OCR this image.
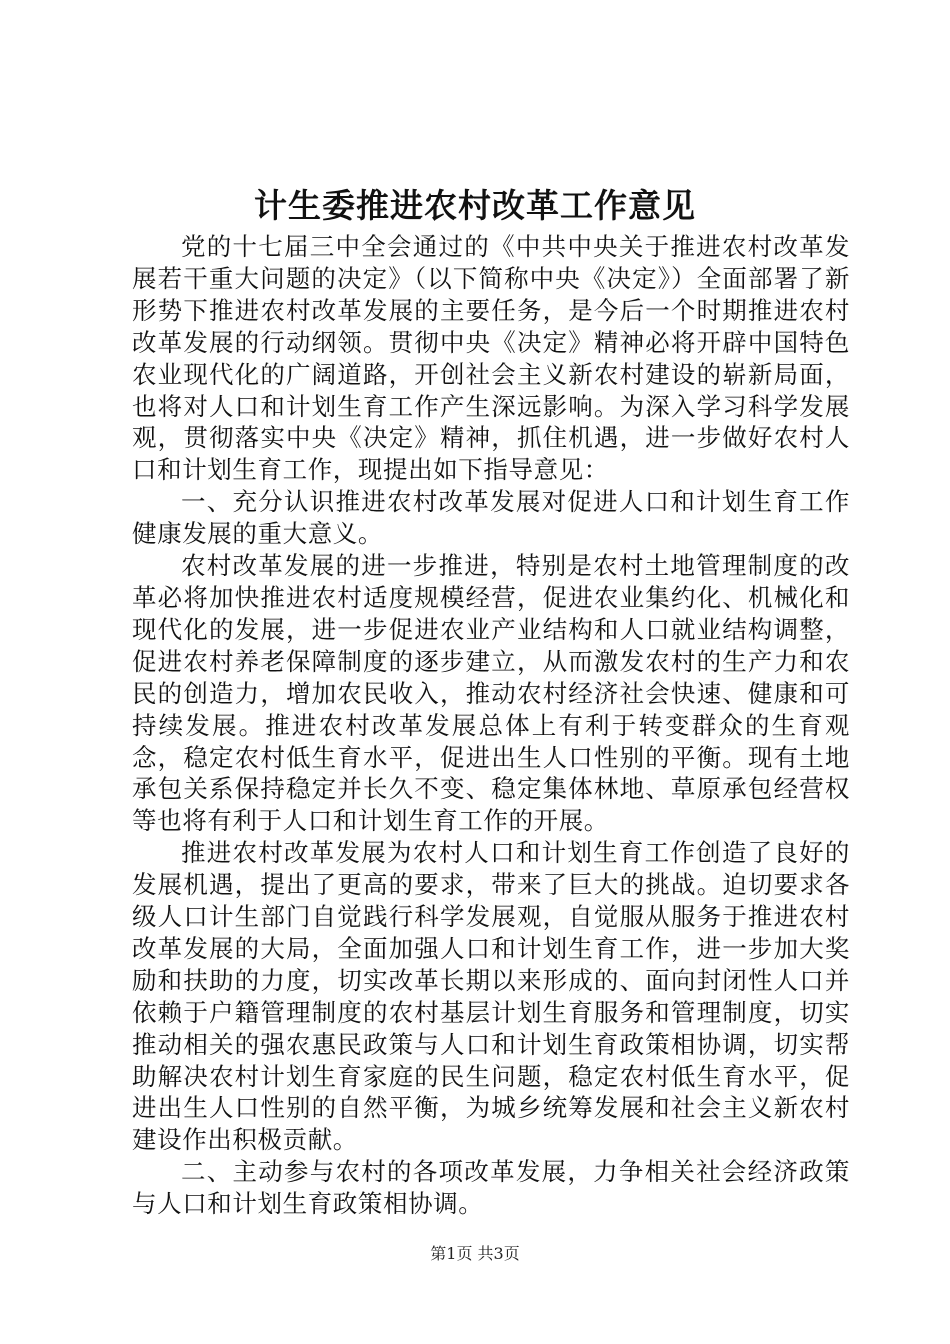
计生委推进农村改革工作意见

党的十七届三中全会通过的《中共中央关于推进农村改革发展若干重大问题的决定》（以下简称中央《决定》）全面部署了新形势下推进农村改革发展的主要任务，是今后一个时期推进农村改革发展的行动纲领。贯彻中央《决定》精神必将开辟中国特色农业现代化的广阔道路，开创社会主义新农村建设的崭新局面，也将对人口和计划生育工作产生深远影响。为深入学习科学发展观，贯彻落实中央《决定》精神，抓住机遇，进一步做好农村人口和计划生育工作，现提出如下指导意见：

一、充分认识推进农村改革发展对促进人口和计划生育工作健康发展的重大意义。

农村改革发展的进一步推进，特别是农村土地管理制度的改革必将加快推进农村适度规模经营，促进农业集约化、机械化和现代化的发展，进一步促进农业产业结构和人口就业结构调整，促进农村养老保障制度的逐步建立，从而激发农村的生产力和农民的创造力，增加农民收入，推动农村经济社会快速、健康和可持续发展。推进农村改革发展总体上有利于转变群众的生育观念，稳定农村低生育水平，促进出生人口性别的平衡。现有土地承包关系保持稳定并长久不变、稳定集体林地、草原承包经营权等也将有利于人口和计划生育工作的开展。

推进农村改革发展为农村人口和计划生育工作创造了良好的发展机遇，提出了更高的要求，带来了巨大的挑战。迫切要求各级人口计生部门自觉践行科学发展观，自觉服从服务于推进农村改革发展的大局，全面加强人口和计划生育工作，进一步加大奖励和扶助的力度，切实改革长期以来形成的、面向封闭性人口并依赖于户籍管理制度的农村基层计划生育服务和管理制度，切实推动相关的强农惠民政策与人口和计划生育政策相协调，切实帮助解决农村计划生育家庭的民生问题，稳定农村低生育水平，促进出生人口性别的自然平衡，为城乡统筹发展和社会主义新农村建设作出积极贡献。

二、主动参与农村的各项改革发展，力争相关社会经济政策与人口和计划生育政策相协调。

第1页 共3页
